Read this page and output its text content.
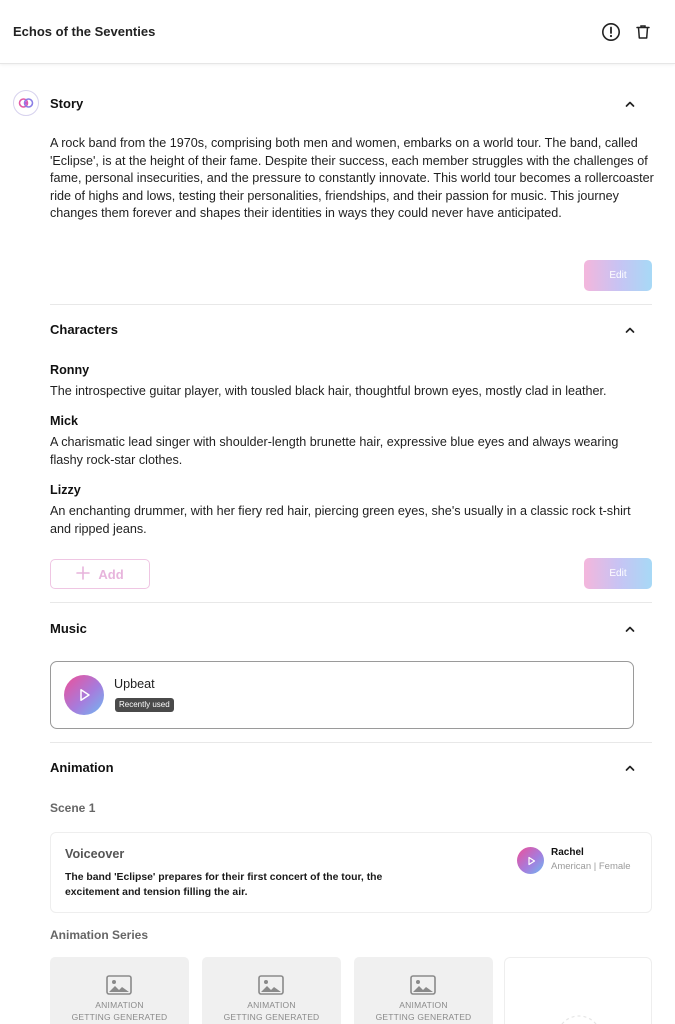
Echos of the Seventies
Story
A rock band from the 1970s, comprising both men and women, embarks on a world tour. The band, called 'Eclipse', is at the height of their fame. Despite their success, each member struggles with the challenges of fame, personal insecurities, and the pressure to constantly innovate. This world tour becomes a rollercoaster ride of highs and lows, testing their personalities, friendships, and their passion for music. This journey changes them forever and shapes their identities in ways they could never have anticipated.
Edit
Characters
Ronny
The introspective guitar player, with tousled black hair, thoughtful brown eyes, mostly clad in leather.
Mick
A charismatic lead singer with shoulder-length brunette hair, expressive blue eyes and always wearing flashy rock-star clothes.
Lizzy
An enchanting drummer, with her fiery red hair, piercing green eyes, she's usually in a classic rock t-shirt and ripped jeans.
Add	Edit
Music
Upbeat
Recently used
Animation
Scene 1
Voiceover
The band 'Eclipse' prepares for their first concert of the tour, the excitement and tension filling the air.
Rachel
American | Female
Animation Series
ANIMATION
GETTING GENERATED
ANIMATION
GETTING GENERATED
ANIMATION
GETTING GENERATED
